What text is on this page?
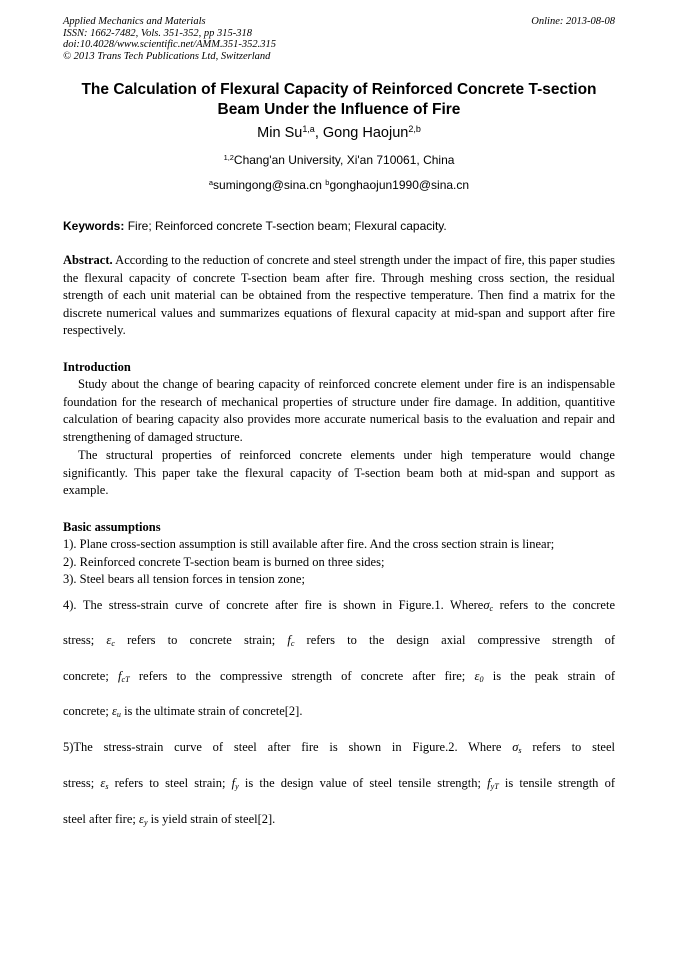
Applied Mechanics and Materials
ISSN: 1662-7482, Vols. 351-352, pp 315-318
doi:10.4028/www.scientific.net/AMM.351-352.315
© 2013 Trans Tech Publications Ltd, Switzerland
Online: 2013-08-08
The Calculation of Flexural Capacity of Reinforced Concrete T-section
Beam Under the Influence of Fire
Min Su$^{1,a}$, Gong Haojun$^{2,b}$
$^{1,2}$Chang'an University, Xi'an 710061, China
$^a$sumingong@sina.cn $^b$gonghaojun1990@sina.cn
Keywords: Fire; Reinforced concrete T-section beam; Flexural capacity.
Abstract. According to the reduction of concrete and steel strength under the impact of fire, this paper studies the flexural capacity of concrete T-section beam after fire. Through meshing cross section, the residual strength of each unit material can be obtained from the respective temperature. Then find a matrix for the discrete numerical values and summarizes equations of flexural capacity at mid-span and support after fire respectively.
Introduction
Study about the change of bearing capacity of reinforced concrete element under fire is an indispensable foundation for the research of mechanical properties of structure under fire damage. In addition, quantitive calculation of bearing capacity also provides more accurate numerical basis to the evaluation and repair and strengthening of damaged structure.
The structural properties of reinforced concrete elements under high temperature would change significantly. This paper take the flexural capacity of T-section beam both at mid-span and support as example.
Basic assumptions
1). Plane cross-section assumption is still available after fire. And the cross section strain is linear;
2). Reinforced concrete T-section beam is burned on three sides;
3). Steel bears all tension forces in tension zone;
4). The stress-strain curve of concrete after fire is shown in Figure.1. Whereσ$_c$ refers to the concrete
stress; $\varepsilon_c$ refers to concrete strain; $f_c$ refers to the design axial compressive strength of
concrete; $f_{cT}$ refers to the compressive strength of concrete after fire; $\varepsilon_0$ is the peak strain of
concrete; $\varepsilon_u$ is the ultimate strain of concrete[2].
5)The stress-strain curve of steel after fire is shown in Figure.2. Where $\sigma_s$ refers to steel
stress; $\varepsilon_s$ refers to steel strain; $f_y$ is the design value of steel tensile strength; $f_{yT}$ is tensile strength of
steel after fire; $\varepsilon_y$ is yield strain of steel[2].
